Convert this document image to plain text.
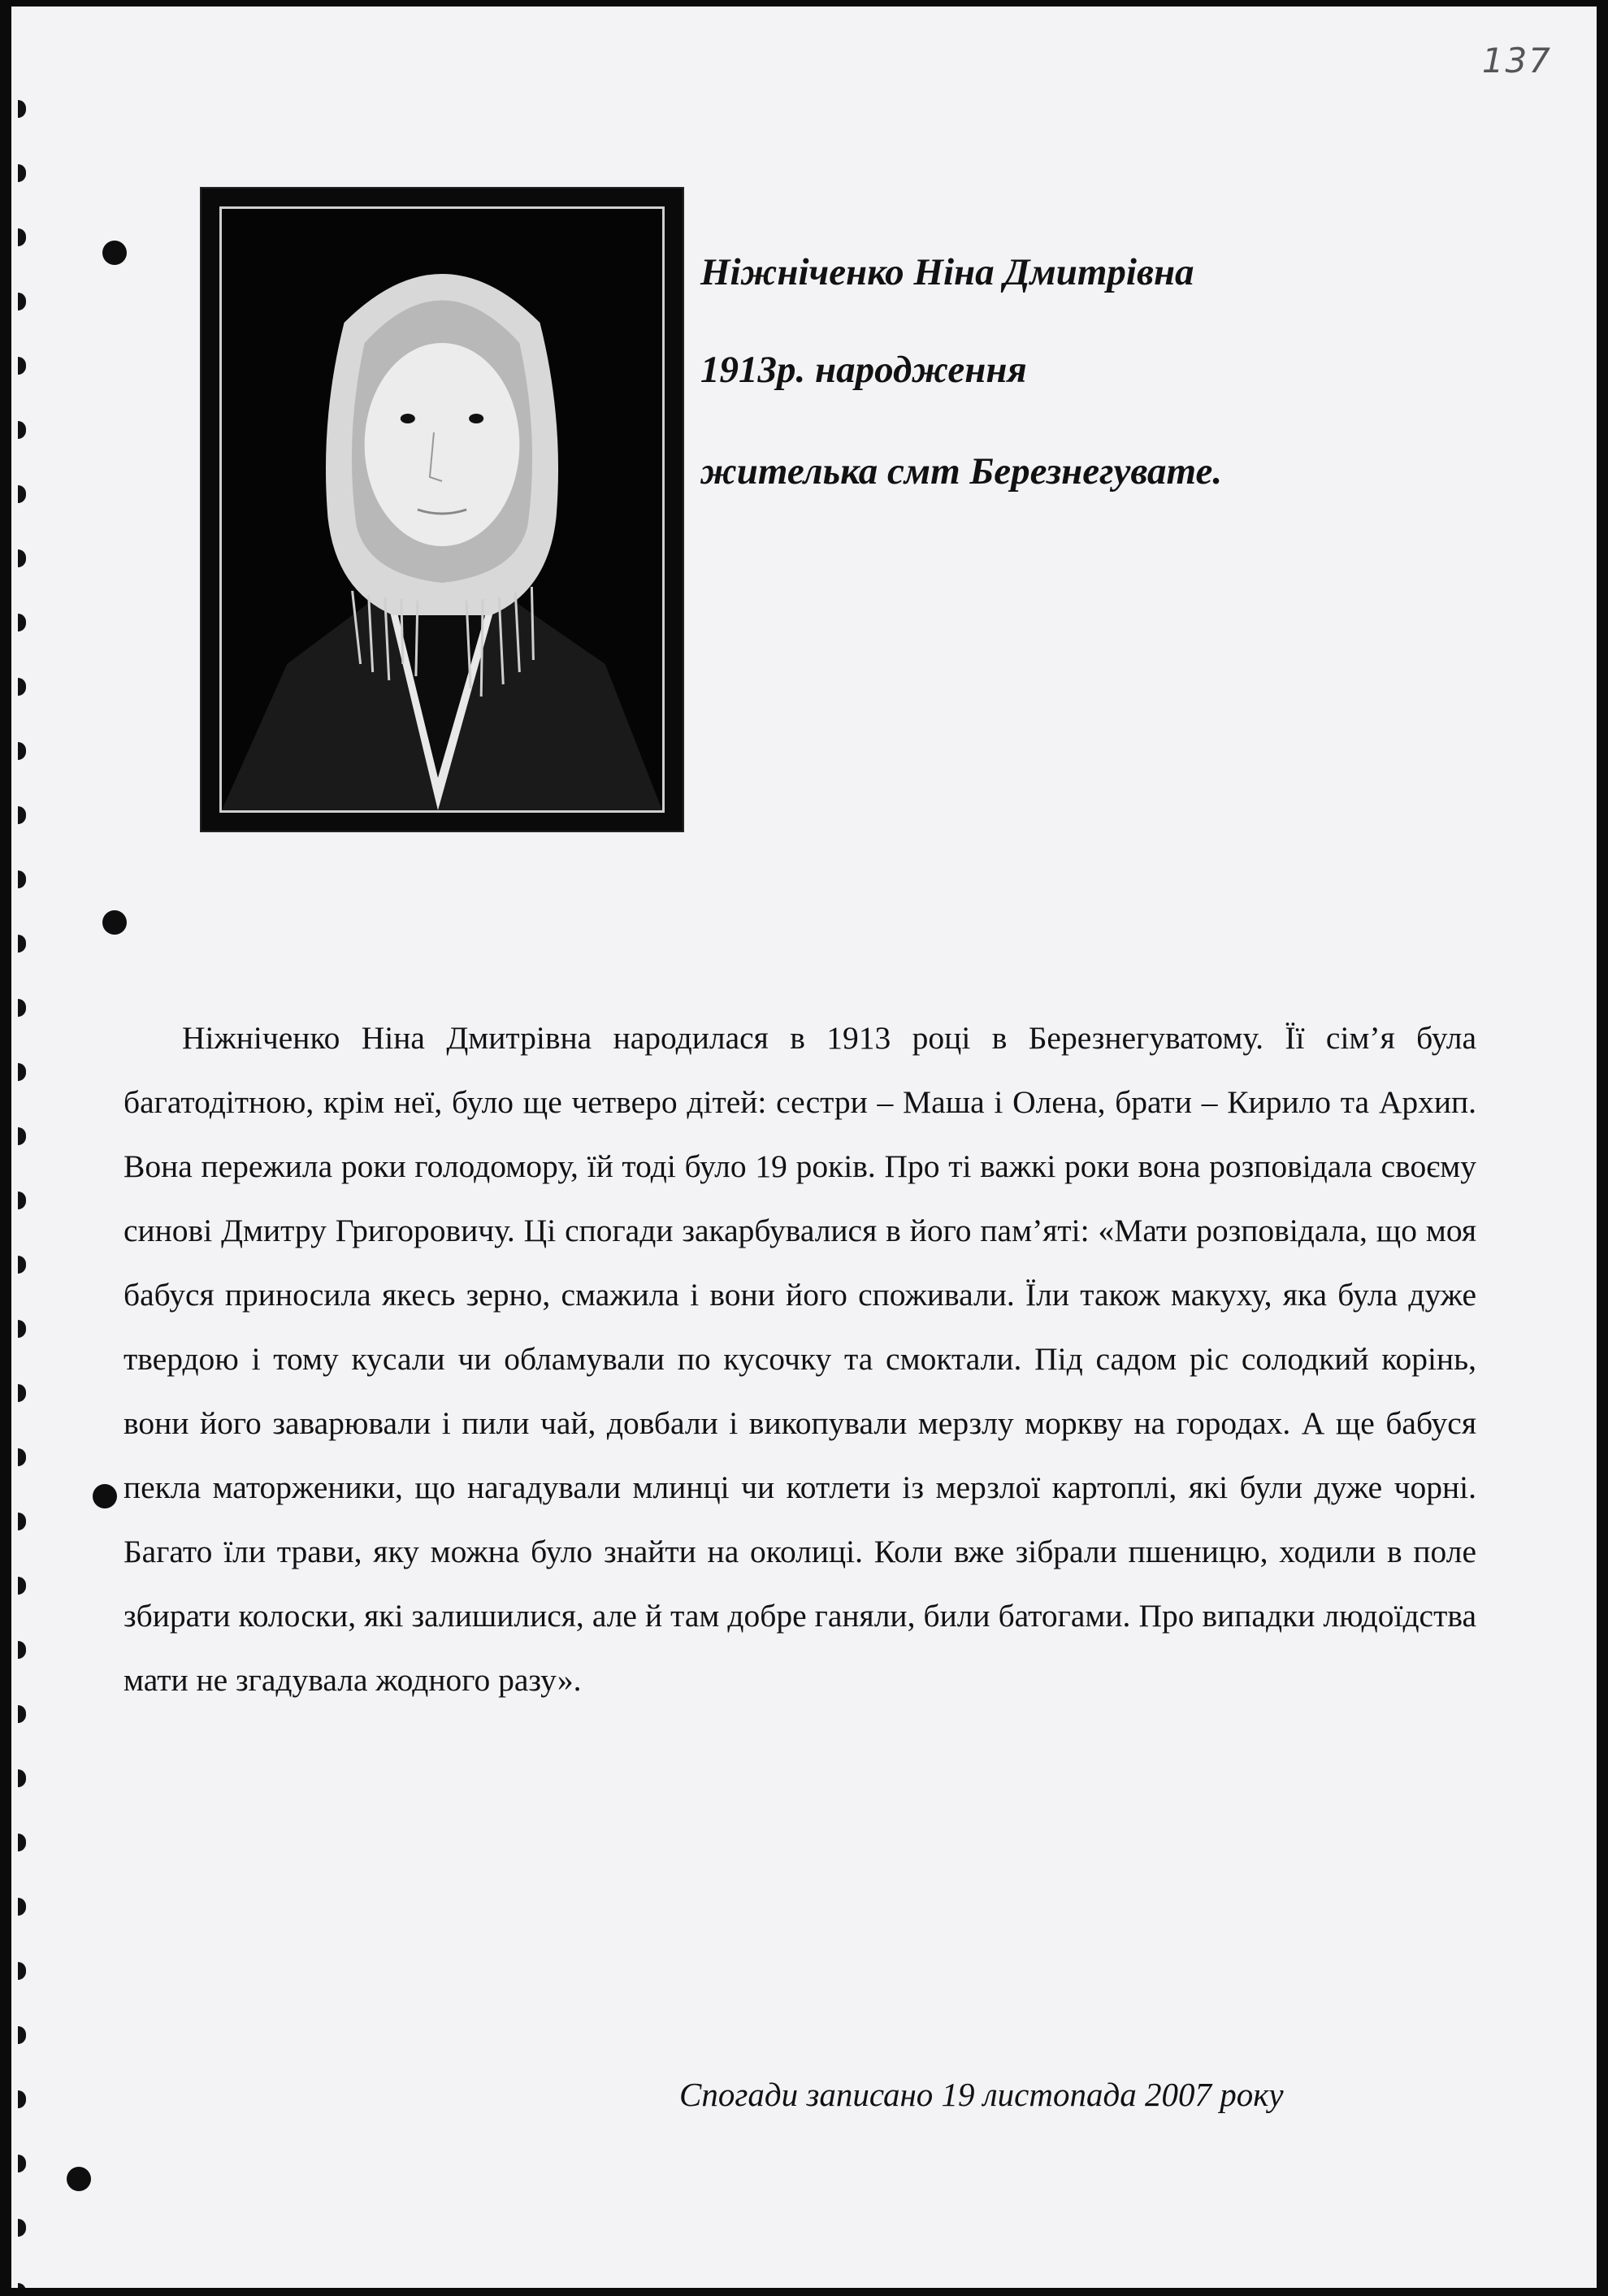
137
Ніжніченко Ніна Дмитрівна
1913р. народження
жителька смт Березнегувате.

Ніжніченко Ніна Дмитрівна народилася в 1913 році в Березнегуватому. Її сім’я була багатодітною, крім неї, було ще четверо дітей: сестри – Маша і Олена, брати – Кирило та Архип. Вона пережила роки голодомору, їй тоді було 19 років. Про ті важкі роки вона розповідала своєму синові Дмитру Григоровичу. Ці спогади закарбувалися в його пам’яті: «Мати розповідала, що моя бабуся приносила якесь зерно, смажила і вони його споживали. Їли також макуху, яка була дуже твердою і тому кусали чи обламували по кусочку та смоктали. Під садом ріс солодкий корінь, вони його заварювали і пили чай, довбали і викопували мерзлу моркву на городах. А ще бабуся пекла маторженики, що нагадували млинці чи котлети із мерзлої картоплі, які були дуже чорні. Багато їли трави, яку можна було знайти на околиці. Коли вже зібрали пшеницю, ходили в поле збирати колоски, які залишилися, але й там добре ганяли, били батогами. Про випадки людоїдства мати не згадувала жодного разу».

Спогади записано 19 листопада 2007 року
